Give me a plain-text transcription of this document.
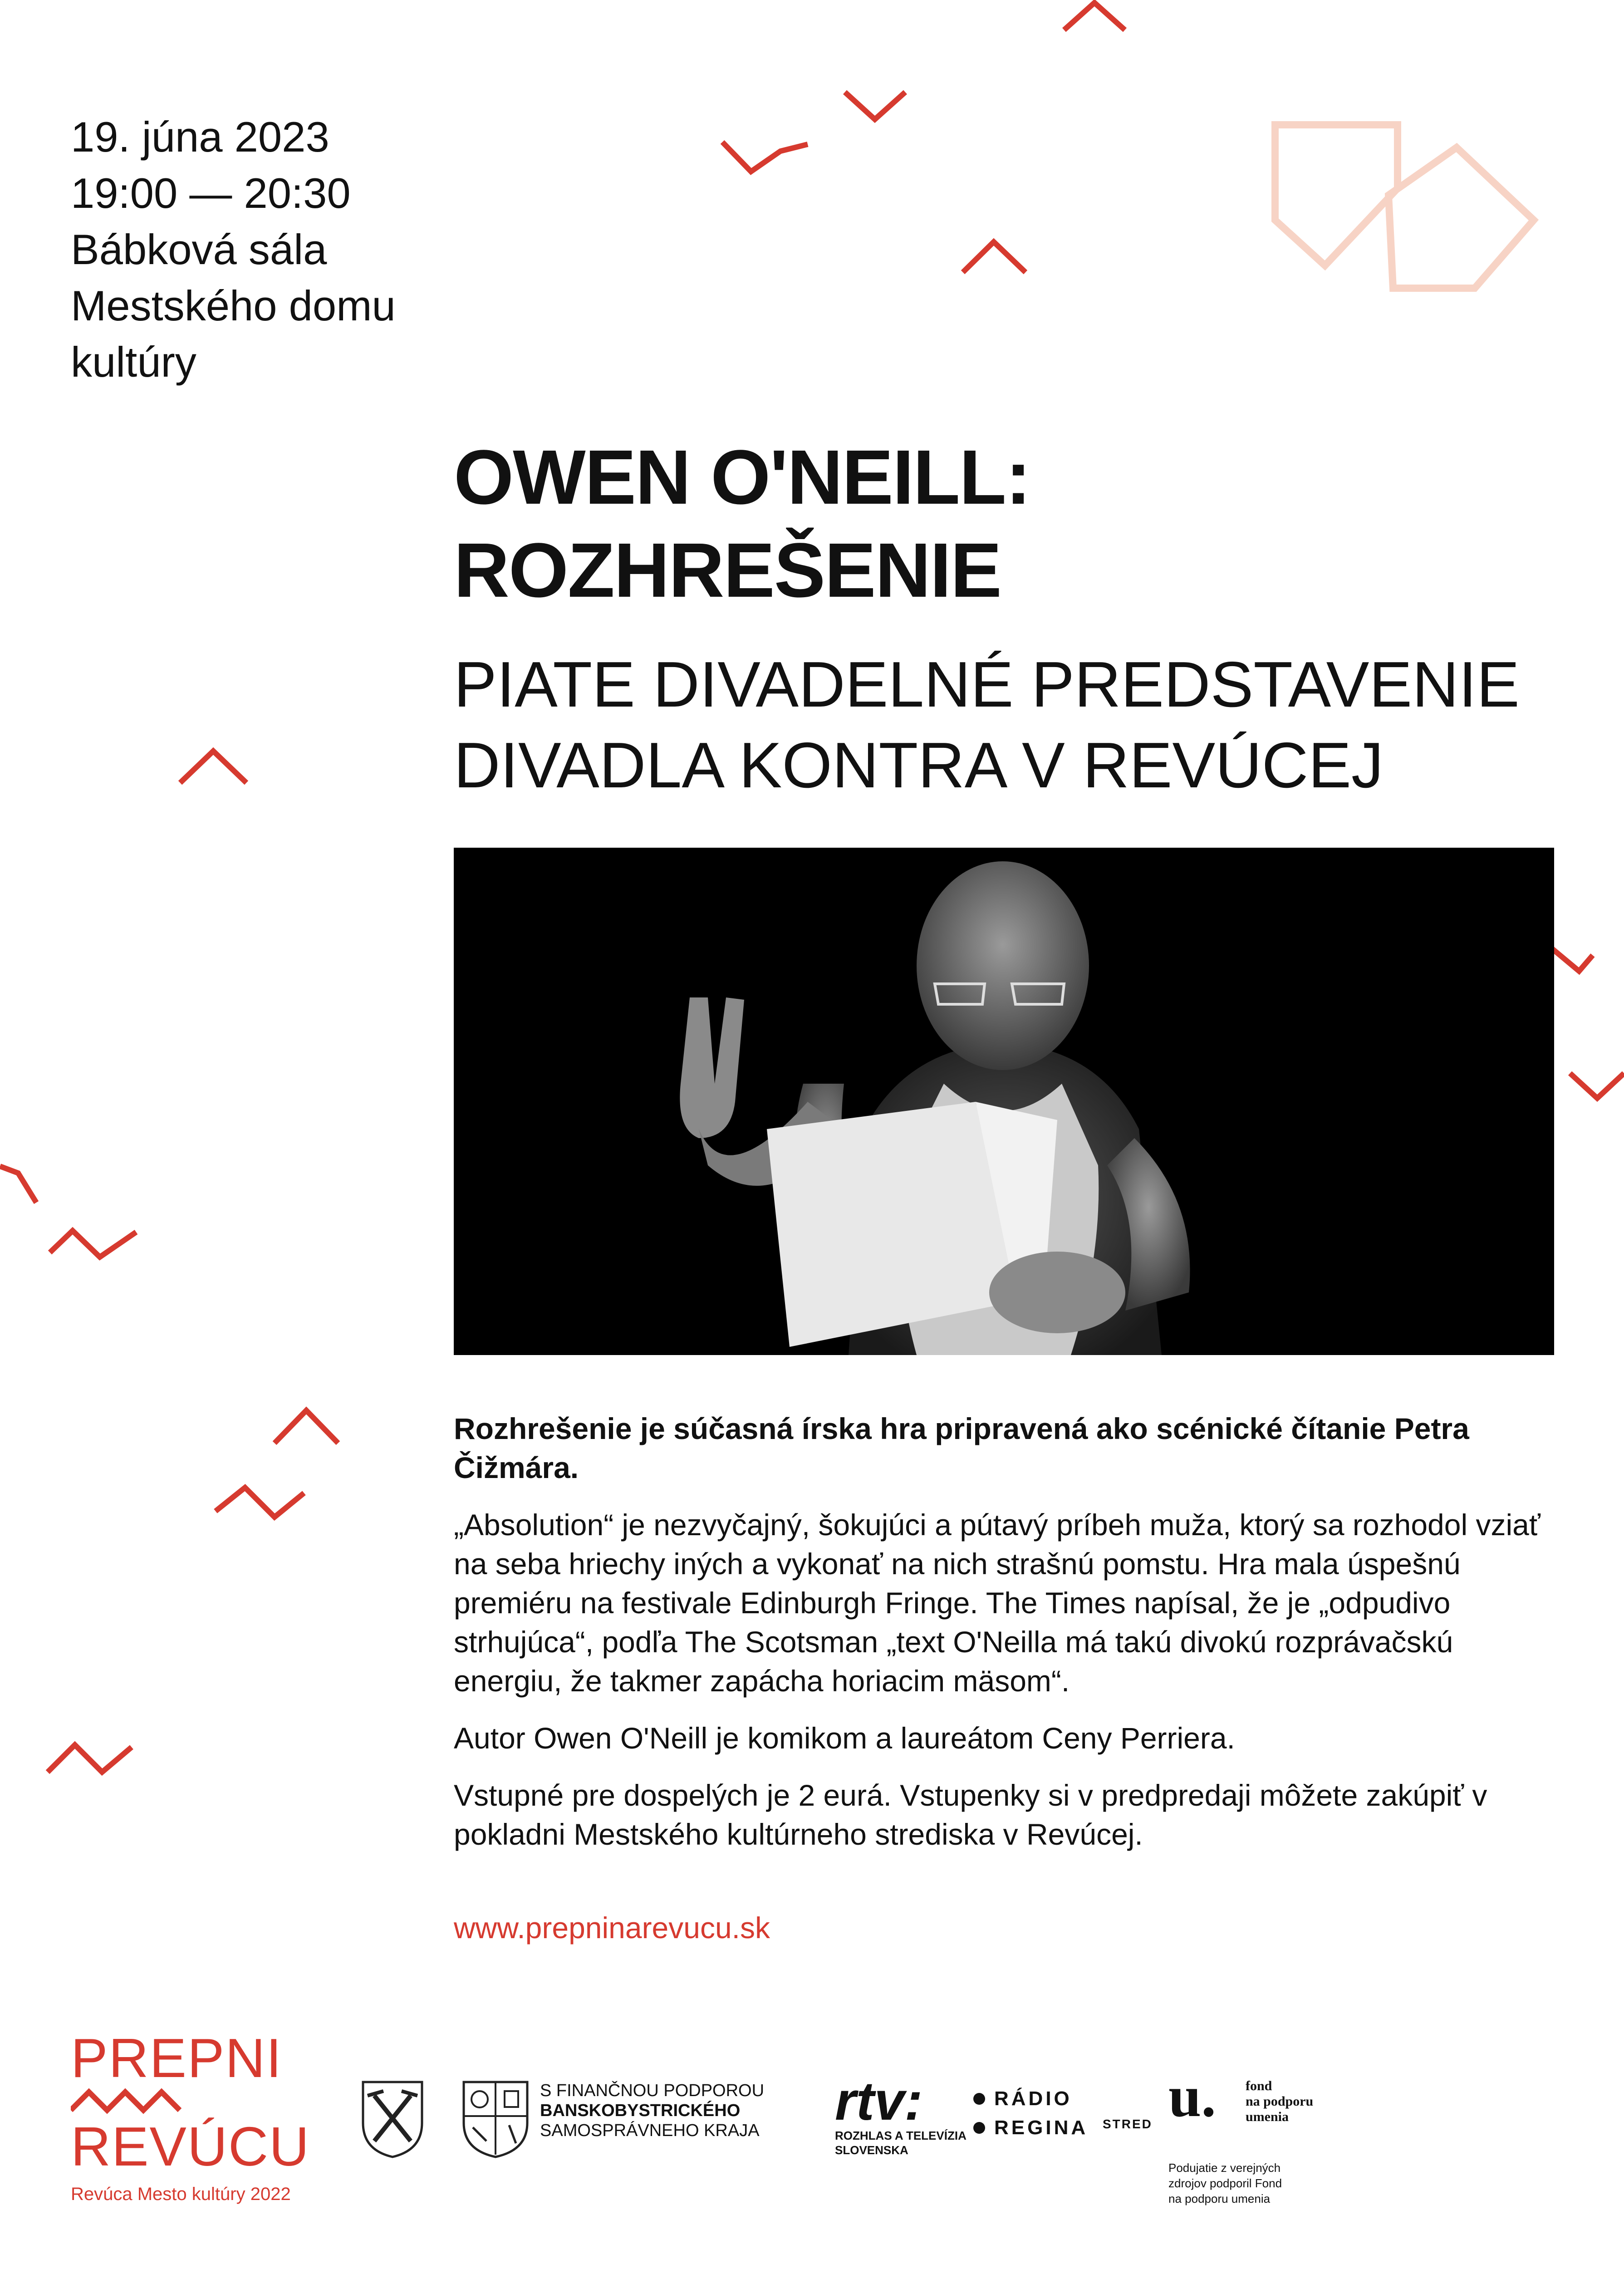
19. júna 2023
19:00 — 20:30
Bábková sála
Mestského domu
kultúry
OWEN O'NEILL:
ROZHREŠENIE
PIATE DIVADELNÉ PREDSTAVENIE
DIVADLA KONTRA V REVÚCEJ

Rozhrešenie je súčasná írska hra pripravená ako scénické čítanie Petra Čižmára.

„Absolution“ je nezvyčajný, šokujúci a pútavý príbeh muža, ktorý sa rozhodol vziať na seba hriechy iných a vykonať na nich strašnú pomstu. Hra mala úspešnú premiéru na festivale Edinburgh Fringe. The Times napísal, že je „odpudivo strhujúca“, podľa The Scotsman „text O'Neilla má takú divokú rozprávačskú energiu, že takmer zapácha horiacim mäsom“.

Autor Owen O'Neill je komikom a laureátom Ceny Perriera.

Vstupné pre dospelých je 2 eurá. Vstupenky si v predpredaji môžete zakúpiť v pokladni Mestského kultúrneho strediska v Revúcej.

www.prepninarevucu.sk
PREPNI
REVÚCU
Revúca Mesto kultúry 2022
S FINANČNOU PODPOROU
BANSKOBYSTRICKÉHO
SAMOSPRÁVNEHO KRAJA rtv:
ROZHLAS A TELEVÍZIA
SLOVENSKA
RÁDIO
REGINA STRED u. fond
na podporu
umenia
Podujatie z verejných
zdrojov podporil Fond
na podporu umenia
